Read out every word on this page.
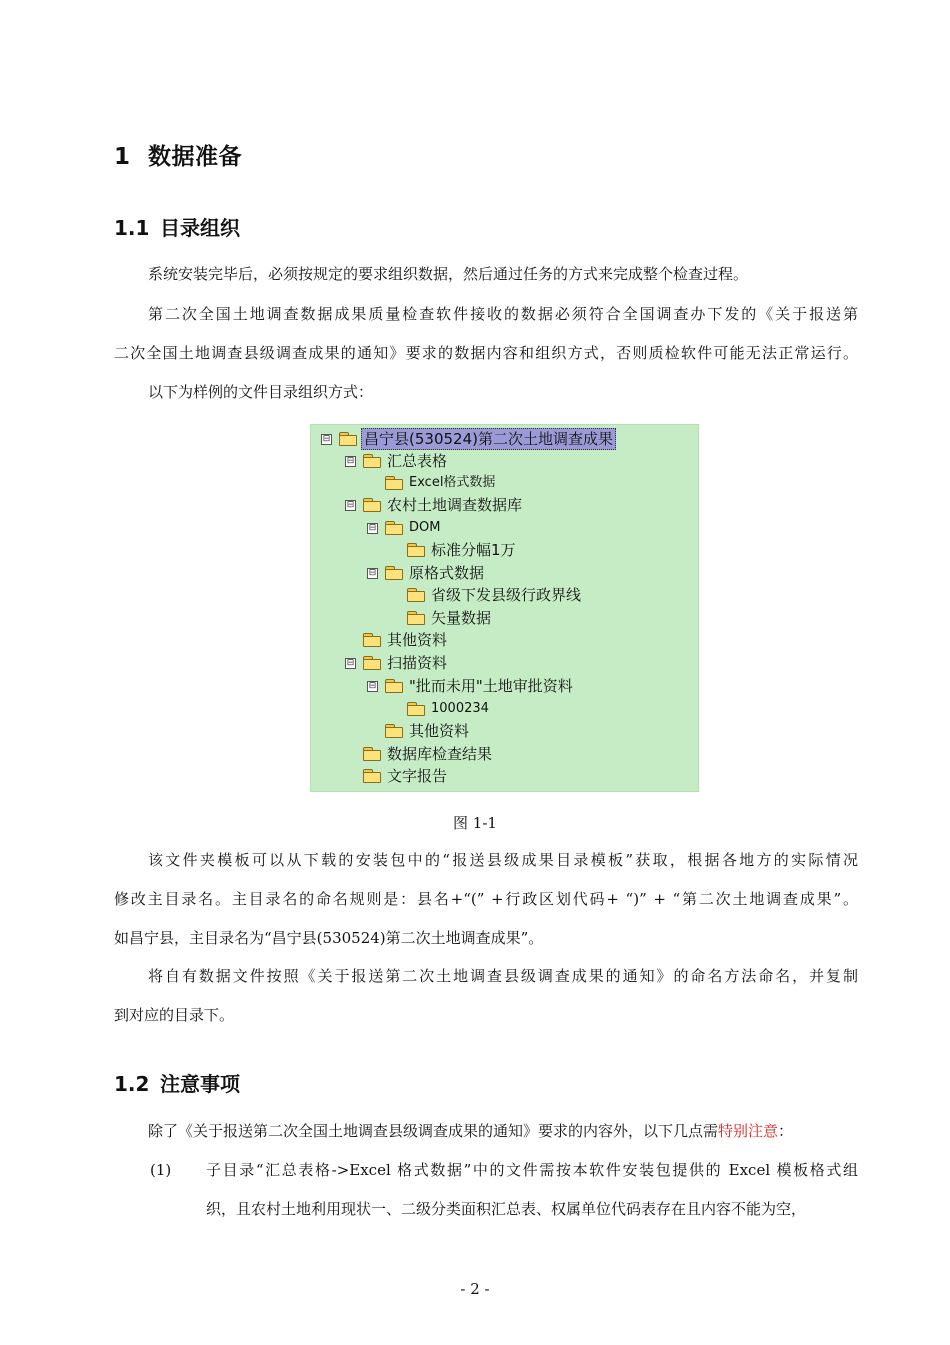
1 数据准备
1.1 目录组织

系统安装完毕后，必须按规定的要求组织数据，然后通过任务的方式来完成整个检查过程。

第二次全国土地调查数据成果质量检查软件接收的数据必须符合全国调查办下发的《关于报送第

二次全国土地调查县级调查成果的通知》要求的数据内容和组织方式，否则质检软件可能无法正常运行。

以下为样例的文件目录组织方式：

⊟ 昌宁县(530524)第二次土地调查成果
⊟ 汇总表格
Excel格式数据
⊟ 农村土地调查数据库
⊟	DOM
标准分幅1万
⊟ 原格式数据
省级下发县级行政界线
矢量数据
其他资料
⊟ 扫描资料
⊟ "批而未用"土地审批资料
1000234
其他资料
数据库检查结果
文字报告
图 1-1

该文件夹模板可以从下载的安装包中的“报送县级成果目录模板”获取，根据各地方的实际情况

修改主目录名。主目录名的命名规则是：县名+“(” +行政区划代码+ “)” + “第二次土地调查成果”。

如昌宁县，主目录名为“昌宁县(530524)第二次土地调查成果”。

将自有数据文件按照《关于报送第二次土地调查县级调查成果的通知》的命名方法命名，并复制

到对应的目录下。

1.2 注意事项

除了《关于报送第二次全国土地调查县级调查成果的通知》要求的内容外，以下几点需特别注意：

(1) 子目录“汇总表格->Excel 格式数据”中的文件需按本软件安装包提供的 Excel 模板格式组

织，且农村土地利用现状一、二级分类面积汇总表、权属单位代码表存在且内容不能为空，

- 2 -
